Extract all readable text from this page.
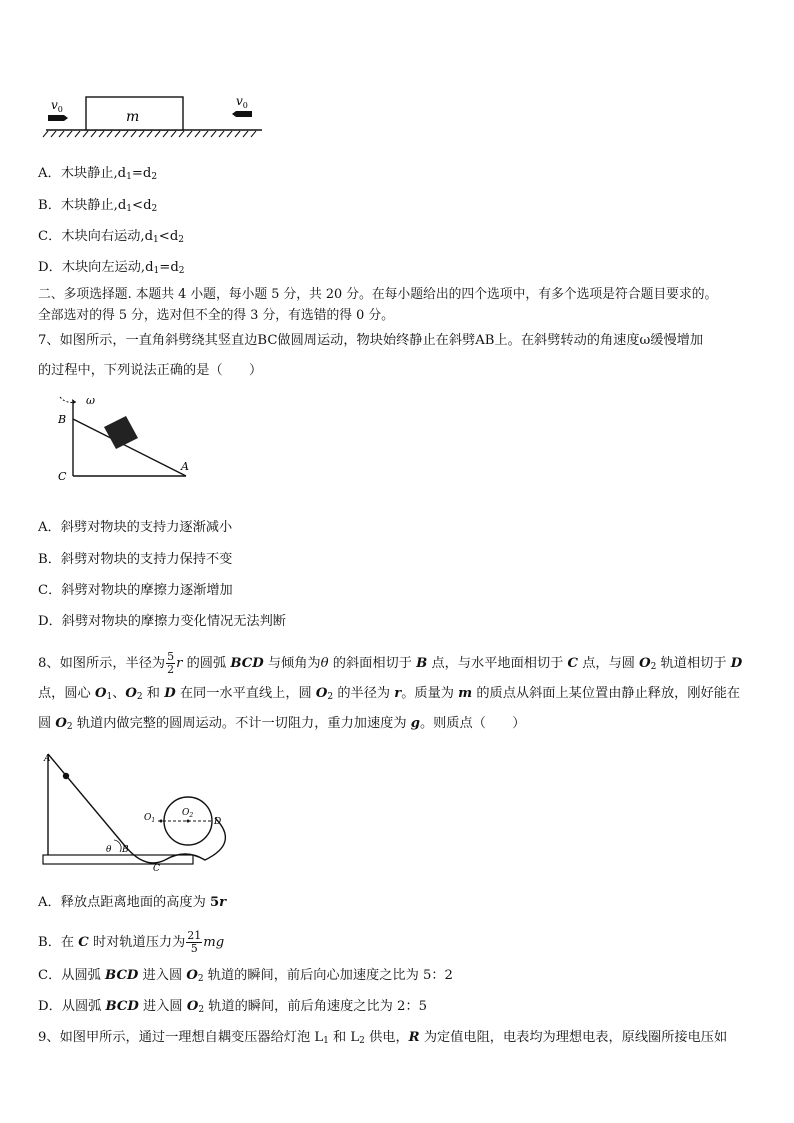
m
$v_0$
$v_0$
A．木块静止$,d_1=d_2$
B．木块静止$,d_1<d_2$
C．木块向右运动$,d_1<d_2$
D．木块向左运动$,d_1=d_2$
二、多项选择题. 本题共 4 小题，每小题 5 分，共 20 分。在每小题给出的四个选项中，有多个选项是符合题目要求的。
全部选对的得 5 分，选对但不全的得 3 分，有选错的得 0 分。
7、如图所示，一直角斜劈绕其竖直边BC做圆周运动，物块始终静止在斜劈AB上。在斜劈转动的角速度ω缓慢增加
的过程中，下列说法正确的是（　　）
ω
B
C
A
A．斜劈对物块的支持力逐渐减小
B．斜劈对物块的支持力保持不变
C．斜劈对物块的摩擦力逐渐增加
D．斜劈对物块的摩擦力变化情况无法判断
8、如图所示，半径为 $\frac{5}{2}$ r 的圆弧 BCD 与倾角为θ 的斜面相切于 B 点，与水平地面相切于 C 点，与圆 $O_2$ 轨道相切于 D
点，圆心 $O_1$、$O_2$ 和 D 在同一水平直线上，圆 $O_2$ 的半径为 r。质量为 m 的质点从斜面上某位置由静止释放，刚好能在
圆 $O_2$ 轨道内做完整的圆周运动。不计一切阻力，重力加速度为 g。则质点（　　）
A
θ B
C
D
$O_1$
$O_2$
A．释放点距离地面的高度为 5r
B．在 C 时对轨道压力为 $\frac{21}{5}$ mg
C．从圆弧 BCD 进入圆 $O_2$ 轨道的瞬间，前后向心加速度之比为 5：2
D．从圆弧 BCD 进入圆 $O_2$ 轨道的瞬间，前后角速度之比为 2：5
9、如图甲所示，通过一理想自耦变压器给灯泡 $L_1$ 和 $L_2$ 供电，R 为定值电阻，电表均为理想电表，原线圈所接电压如
